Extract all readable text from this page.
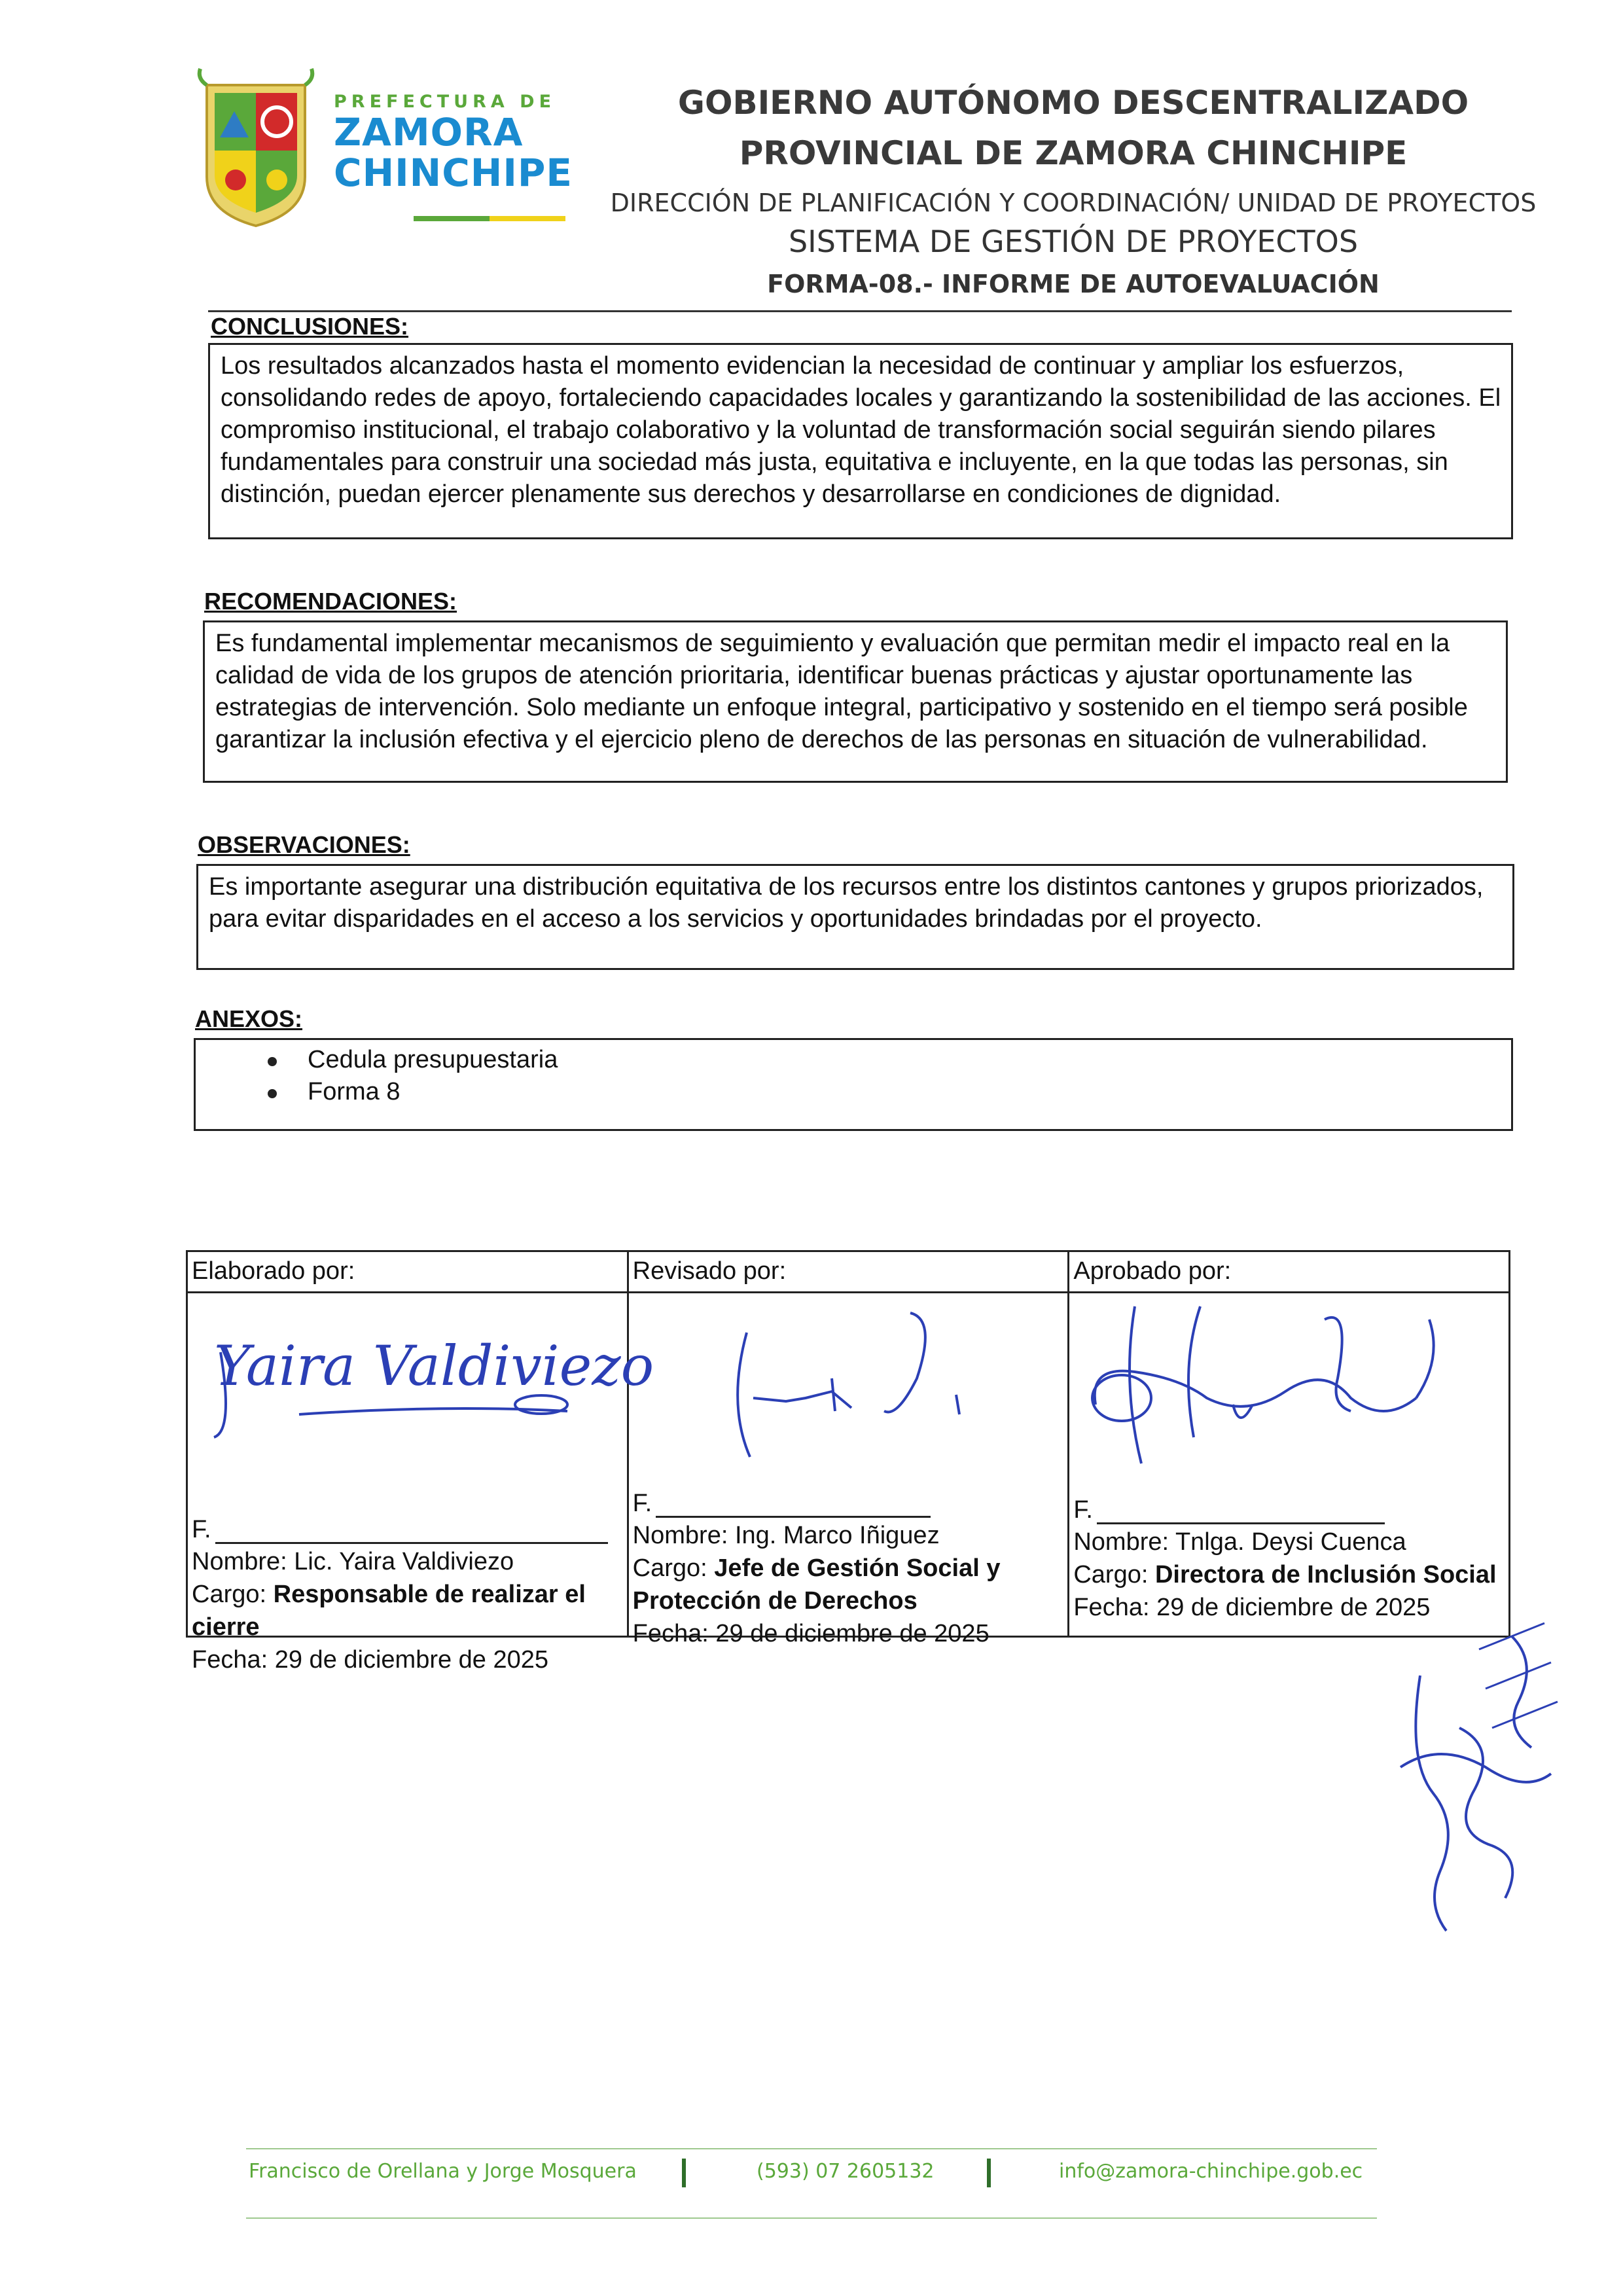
PREFECTURA DE
ZAMORA
CHINCHIPE
GOBIERNO AUTÓNOMO DESCENTRALIZADO
PROVINCIAL DE ZAMORA CHINCHIPE
DIRECCIÓN DE PLANIFICACIÓN Y COORDINACIÓN/ UNIDAD DE PROYECTOS
SISTEMA DE GESTIÓN DE PROYECTOS
FORMA-08.- INFORME DE AUTOEVALUACIÓN
CONCLUSIONES:

Los resultados alcanzados hasta el momento evidencian la necesidad de continuar y ampliar los esfuerzos, consolidando redes de apoyo, fortaleciendo capacidades locales y garantizando la sostenibilidad de las acciones. El compromiso institucional, el trabajo colaborativo y la voluntad de transformación social seguirán siendo pilares fundamentales para construir una sociedad más justa, equitativa e incluyente, en la que todas las personas, sin distinción, puedan ejercer plenamente sus derechos y desarrollarse en condiciones de dignidad.

RECOMENDACIONES:

Es fundamental implementar mecanismos de seguimiento y evaluación que permitan medir el impacto real en la calidad de vida de los grupos de atención prioritaria, identificar buenas prácticas y ajustar oportunamente las estrategias de intervención. Solo mediante un enfoque integral, participativo y sostenido en el tiempo será posible garantizar la inclusión efectiva y el ejercicio pleno de derechos de las personas en situación de vulnerabilidad.

OBSERVACIONES:

Es importante asegurar una distribución equitativa de los recursos entre los distintos cantones y grupos priorizados, para evitar disparidades en el acceso a los servicios y oportunidades brindadas por el proyecto.

ANEXOS:
Cedula presupuestaria
Forma 8
Elaborado por:
Yaira Valdiviezo
F.
Nombre: Lic. Yaira Valdiviezo
Cargo: Responsable de realizar el cierre
Fecha: 29 de diciembre de 2025
Revisado por:
F.
Nombre: Ing. Marco Iñiguez
Cargo: Jefe de Gestión Social y Protección de Derechos
Fecha: 29 de diciembre de 2025
Aprobado por:
F.
Nombre: Tnlga. Deysi Cuenca
Cargo: Directora de Inclusión Social
Fecha: 29 de diciembre de 2025
Francisco de Orellana y Jorge Mosquera	(593) 07 2605132	info@zamora-chinchipe.gob.ec
